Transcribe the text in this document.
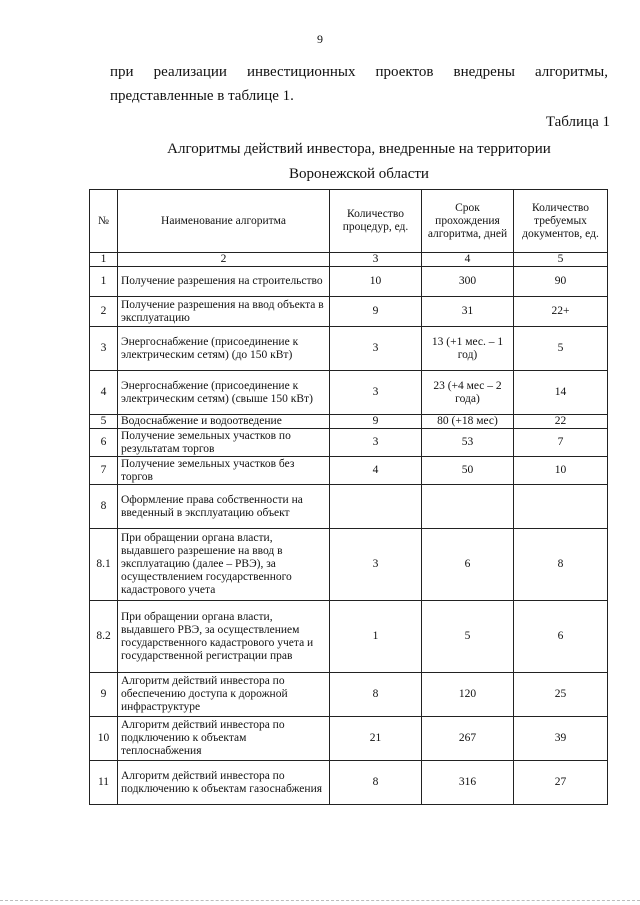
9
при реализации инвестиционных проектов внедрены алгоритмы,
представленные в таблице 1.
Таблица 1
Алгоритмы действий инвестора, внедренные на территории
Воронежской области
№	Наименование алгоритма	Количество процедур, ед.	Срок прохождения алгоритма, дней	Количество требуемых документов, ед.
1	2	3	4	5
1	Получение разрешения на строительство	10	300	90
2	Получение разрешения на ввод объекта в эксплуатацию	9	31	22+
3	Энергоснабжение (присоединение к электрическим сетям) (до 150 кВт)	3	13 (+1 мес. – 1 год)	5
4	Энергоснабжение (присоединение к электрическим сетям) (свыше 150 кВт)	3	23 (+4 мес – 2 года)	14
5	Водоснабжение и водоотведение	9	80 (+18 мес)	22
6	Получение земельных участков по результатам торгов	3	53	7
7	Получение земельных участков без торгов	4	50	10
8	Оформление права собственности на введенный в эксплуатацию объект			
8.1	При обращении органа власти, выдавшего разрешение на ввод в эксплуатацию (далее – РВЭ), за осуществлением государственного кадастрового учета	3	6	8
8.2	При обращении органа власти, выдавшего РВЭ, за осуществлением государственного кадастрового учета и государственной регистрации прав	1	5	6
9	Алгоритм действий инвестора по обеспечению доступа к дорожной инфраструктуре	8	120	25
10	Алгоритм действий инвестора по подключению к объектам теплоснабжения	21	267	39
11	Алгоритм действий инвестора по подключению к объектам газоснабжения	8	316	27
